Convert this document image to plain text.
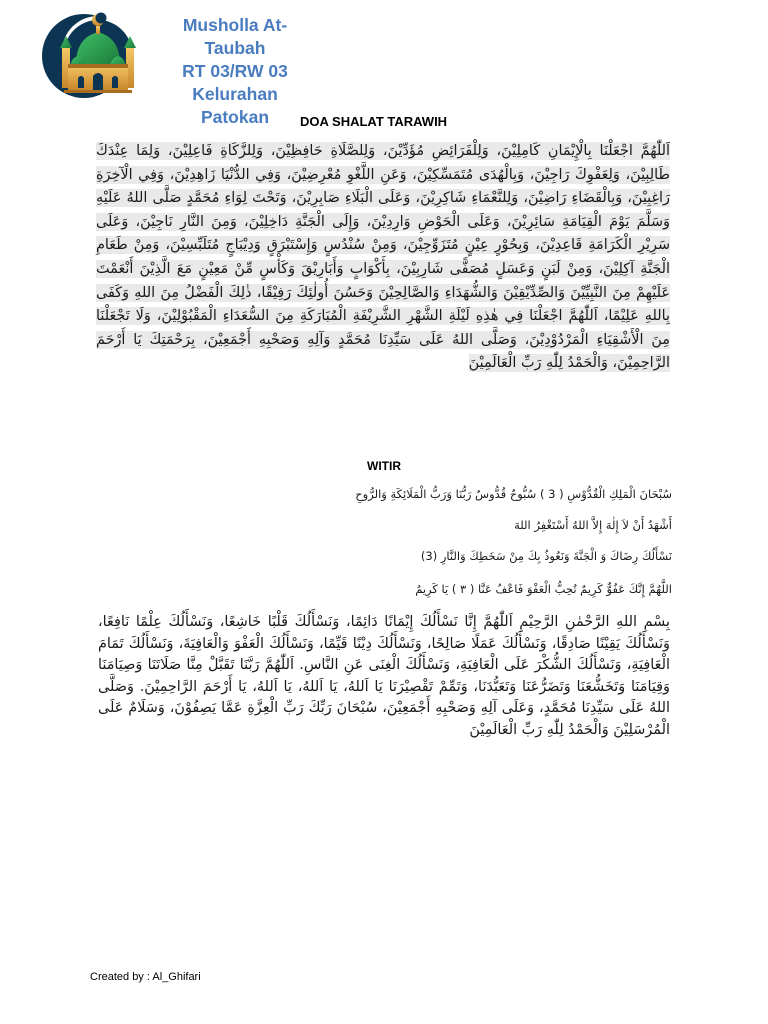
Musholla At-
Taubah
RT 03/RW 03
Kelurahan
Patokan	DOA SHALAT TARAWIH
اَللّٰهُمَّ اجْعَلْنَا بِالْإِيْمَانِ كَامِلِيْنَ، وَلِلْفَرَائِضِ مُؤَدِّيْنَ، وَلِلصَّلَاةِ حَافِظِيْنَ، وَلِلزَّكَاةِ فَاعِلِيْنَ، وَلِمَا عِنْدَكَ طَالِبِيْنَ، وَلِعَفْوِكَ رَاجِيْنَ، وَبِالْهُدَى مُتَمَسِّكِيْنَ، وَعَنِ اللَّغْوِ مُعْرِضِيْنَ، وَفِي الدُّنْيَا زَاهِدِيْنَ، وَفِي الْآخِرَةِ رَاغِبِيْنَ، وَبِالْقَضَاءِ رَاضِيْنَ، وَلِلنَّعْمَاءِ شَاكِرِيْنَ، وَعَلَى الْبَلَاءِ صَابِرِيْنَ، وَتَحْتَ لِوَاءِ مُحَمَّدٍ صَلَّى اللهُ عَلَيْهِ وَسَلَّمَ يَوْمَ الْقِيَامَةِ سَائِرِيْنَ، وَعَلَى الْحَوْضِ وَارِدِيْنَ، وَإِلَى الْجَنَّةِ دَاخِلِيْنَ، وَمِنَ النَّارِ نَاجِيْنَ، وَعَلَى سَرِيْرِ الْكَرَامَةِ قَاعِدِيْنَ، وَبِحُوْرٍ عِيْنٍ مُتَزَوِّجِيْنَ، وَمِنْ سُنْدُسٍ وَإِسْتَبْرَقٍ وَدِيْبَاجٍ مُتَلَبِّسِيْنَ، وَمِنْ طَعَامِ الْجَنَّةِ آكِلِيْنَ، وَمِنْ لَبَنٍ وَعَسَلٍ مُصَفًّى شَارِبِيْنَ، بِأَكْوَابٍ وَأَبَارِيْقَ وَكَأْسٍ مِّنْ مَعِيْنٍ مَعَ الَّذِيْنَ أَنْعَمْتَ عَلَيْهِمْ مِنَ النَّبِيِّيْنَ وَالصِّدِّيْقِيْنَ وَالشُّهَدَاءِ وَالصَّالِحِيْنَ وَحَسُنَ أُولٰئِكَ رَفِيْقًا، ذٰلِكَ الْفَضْلُ مِنَ اللهِ وَكَفَى بِاللهِ عَلِيْمًا، اَللّٰهُمَّ اجْعَلْنَا فِي هٰذِهِ لَيْلَةِ الشَّهْرِ الشَّرِيْفَةِ الْمُبَارَكَةِ مِنَ السُّعَدَاءِ الْمَقْبُوْلِيْنَ، وَلَا تَجْعَلْنَا مِنَ الْأَشْقِيَاءِ الْمَرْدُوْدِيْنَ، وَصَلَّى اللهُ عَلَى سَيِّدِنَا مُحَمَّدٍ وَآلِهِ وَصَحْبِهِ أَجْمَعِيْنَ، بِرَحْمَتِكَ يَا أَرْحَمَ الرَّاحِمِيْنَ، وَالْحَمْدُ لِلّٰهِ رَبِّ الْعَالَمِيْنَ
WITIR
سُبْحَانَ الْمَلِكِ الْقُدُّوْسِ ( 3 ) سُبُّوحٌ قُدُّوسٌ رَبُّنَا وَرَبُّ الْمَلَائِكَةِ وَالرُّوحِ
أَشْهَدُ أَنْ لاَ إِلٰهَ إِلاَّ اللهُ أَسْتَغْفِرُ اللهَ
نَسْأَلُكَ رِضَاكَ وَ الْجَنَّةَ وَنَعُوذُ بِكَ مِنْ سَخَطِكَ وَالنَّارِ (3)
اللَّهُمَّ إِنَّكَ عَفُوٌّ كَرِيمٌ تُحِبُّ الْعَفْوَ فَاعْفُ عَنَّا ( ٣ ) يَا كَرِيمُ
بِسْمِ اللهِ الرَّحْمٰنِ الرَّحِيْمِ اَللّٰهُمَّ إِنَّا نَسْأَلُكَ إِيْمَانًا دَائِمًا، وَنَسْأَلُكَ قَلْبًا خَاشِعًا، وَنَسْأَلُكَ عِلْمًا نَافِعًا، وَنَسْأَلُكَ يَقِيْنًا صَادِقًا، وَنَسْأَلُكَ عَمَلًا صَالِحًا، وَنَسْأَلُكَ دِيْنًا قَيِّمًا، وَنَسْأَلُكَ الْعَفْوَ وَالْعَافِيَةَ، وَنَسْأَلُكَ تَمَامَ الْعَافِيَةِ، وَنَسْأَلُكَ الشُّكْرَ عَلَى الْعَافِيَةِ، وَنَسْأَلُكَ الْغِنَى عَنِ النَّاسِ. اَللّٰهُمَّ رَبَّنَا تَقَبَّلْ مِنَّا صَلَاتَنَا وَصِيَامَنَا وَقِيَامَنَا وَتَخَشُّعَنَا وَتَضَرُّعَنَا وَتَعَبُّدَنَا، وَتَمِّمْ تَقْصِيْرَنَا يَا اَللهُ، يَا اَللهُ، يَا اَللهُ، يَا أَرْحَمَ الرَّاحِمِيْنَ. وَصَلَّى اللهُ عَلَى سَيِّدِنَا مُحَمَّدٍ، وَعَلَى آلِهِ وَصَحْبِهِ أَجْمَعِيْنَ، سُبْحَانَ رَبِّكَ رَبِّ الْعِزَّةِ عَمَّا يَصِفُوْنَ، وَسَلَامٌ عَلَى الْمُرْسَلِيْنَ وَالْحَمْدُ لِلّٰهِ رَبِّ الْعَالَمِيْنَ
Created by : Al_Ghifari
